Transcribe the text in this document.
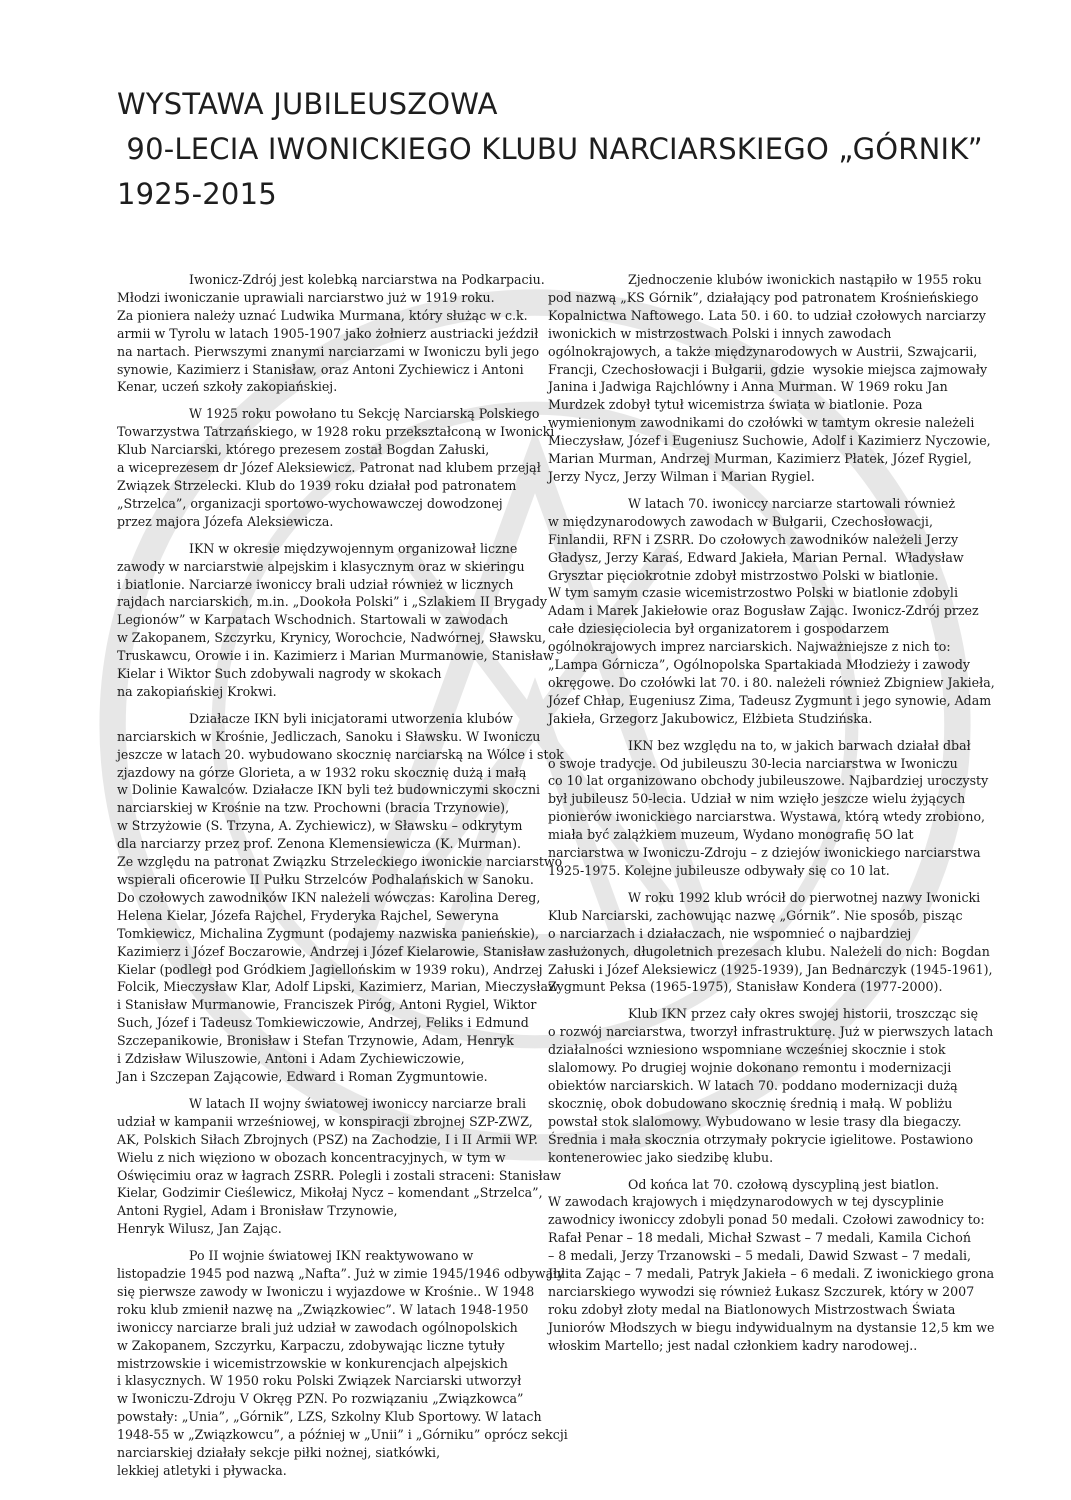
WYSTAWA JUBILEUSZOWA
90-LECIA IWONICKIEGO KLUBU NARCIARSKIEGO „GÓRNIK”
1925-2015
Iwonicz-Zdrój jest kolebką narciarstwa na Podkarpaciu.
Młodzi iwoniczanie uprawiali narciarstwo już w 1919 roku.
Za pioniera należy uznać Ludwika Murmana, który służąc w c.k.
armii w Tyrolu w latach 1905-1907 jako żołnierz austriacki jeździł
na nartach. Pierwszymi znanymi narciarzami w Iwoniczu byli jego
synowie, Kazimierz i Stanisław, oraz Antoni Zychiewicz i Antoni
Kenar, uczeń szkoły zakopiańskiej.
W 1925 roku powołano tu Sekcję Narciarską Polskiego
Towarzystwa Tatrzańskiego, w 1928 roku przekształconą w Iwonicki
Klub Narciarski, którego prezesem został Bogdan Załuski,
a wiceprezesem dr Józef Aleksiewicz. Patronat nad klubem przejął
Związek Strzelecki. Klub do 1939 roku działał pod patronatem
„Strzelca”, organizacji sportowo-wychowawczej dowodzonej
przez majora Józefa Aleksiewicza.
IKN w okresie międzywojennym organizował liczne
zawody w narciarstwie alpejskim i klasycznym oraz w skieringu
i biatlonie. Narciarze iwoniccy brali udział również w licznych
rajdach narciarskich, m.in. „Dookoła Polski” i „Szlakiem II Brygady
Legionów” w Karpatach Wschodnich. Startowali w zawodach
w Zakopanem, Szczyrku, Krynicy, Worochcie, Nadwórnej, Sławsku,
Truskawcu, Orowie i in. Kazimierz i Marian Murmanowie, Stanisław
Kielar i Wiktor Such zdobywali nagrody w skokach
na zakopiańskiej Krokwi.
Działacze IKN byli inicjatorami utworzenia klubów
narciarskich w Krośnie, Jedliczach, Sanoku i Sławsku. W Iwoniczu
jeszcze w latach 20. wybudowano skocznię narciarską na Wólce i stok
zjazdowy na górze Glorieta, a w 1932 roku skocznię dużą i małą
w Dolinie Kawalców. Działacze IKN byli też budowniczymi skoczni
narciarskiej w Krośnie na tzw. Prochowni (bracia Trzynowie),
w Strzyżowie (S. Trzyna, A. Zychiewicz), w Sławsku – odkrytym
dla narciarzy przez prof. Zenona Klemensiewicza (K. Murman).
Ze względu na patronat Związku Strzeleckiego iwonickie narciarstwo
wspierali oficerowie II Pułku Strzelców Podhalańskich w Sanoku.
Do czołowych zawodników IKN należeli wówczas: Karolina Dereg,
Helena Kielar, Józefa Rajchel, Fryderyka Rajchel, Seweryna
Tomkiewicz, Michalina Zygmunt (podajemy nazwiska panieńskie),
Kazimierz i Józef Boczarowie, Andrzej i Józef Kielarowie, Stanisław
Kielar (podległ pod Gródkiem Jagiellońskim w 1939 roku), Andrzej
Folcik, Mieczysław Klar, Adolf Lipski, Kazimierz, Marian, Mieczysław
i Stanisław Murmanowie, Franciszek Piróg, Antoni Rygiel, Wiktor
Such, Józef i Tadeusz Tomkiewiczowie, Andrzej, Feliks i Edmund
Szczepanikowie, Bronisław i Stefan Trzynowie, Adam, Henryk
i Zdzisław Wiluszowie, Antoni i Adam Zychiewiczowie,
Jan i Szczepan Zającowie, Edward i Roman Zygmuntowie.
W latach II wojny światowej iwoniccy narciarze brali
udział w kampanii wrześniowej, w konspiracji zbrojnej SZP-ZWZ,
AK, Polskich Siłach Zbrojnych (PSZ) na Zachodzie, I i II Armii WP.
Wielu z nich więziono w obozach koncentracyjnych, w tym w
Oświęcimiu oraz w łagrach ZSRR. Polegli i zostali straceni: Stanisław
Kielar, Godzimir Cieślewicz, Mikołaj Nycz – komendant „Strzelca”,
Antoni Rygiel, Adam i Bronisław Trzynowie,
Henryk Wilusz, Jan Zając.
Po II wojnie światowej IKN reaktywowano w
listopadzie 1945 pod nazwą „Nafta”. Już w zimie 1945/1946 odbywały
się pierwsze zawody w Iwoniczu i wyjazdowe w Krośnie.. W 1948
roku klub zmienił nazwę na „Związkowiec”. W latach 1948-1950
iwoniccy narciarze brali już udział w zawodach ogólnopolskich
w Zakopanem, Szczyrku, Karpaczu, zdobywając liczne tytuły
mistrzowskie i wicemistrzowskie w konkurencjach alpejskich
i klasycznych. W 1950 roku Polski Związek Narciarski utworzył
w Iwoniczu-Zdroju V Okręg PZN. Po rozwiązaniu „Związkowca”
powstały: „Unia”, „Górnik”, LZS, Szkolny Klub Sportowy. W latach
1948-55 w „Związkowcu”, a później w „Unii” i „Górniku” oprócz sekcji
narciarskiej działały sekcje piłki nożnej, siatkówki,
lekkiej atletyki i pływacka.
Zjednoczenie klubów iwonickich nastąpiło w 1955 roku
pod nazwą „KS Górnik”, działający pod patronatem Krośnieńskiego
Kopalnictwa Naftowego. Lata 50. i 60. to udział czołowych narciarzy
iwonickich w mistrzostwach Polski i innych zawodach
ogólnokrajowych, a także międzynarodowych w Austrii, Szwajcarii,
Francji, Czechosłowacji i Bułgarii, gdzie  wysokie miejsca zajmowały
Janina i Jadwiga Rajchlówny i Anna Murman. W 1969 roku Jan
Murdzek zdobył tytuł wicemistrza świata w biatlonie. Poza
wymienionym zawodnikami do czołówki w tamtym okresie należeli
Mieczysław, Józef i Eugeniusz Suchowie, Adolf i Kazimierz Nyczowie,
Marian Murman, Andrzej Murman, Kazimierz Płatek, Józef Rygiel,
Jerzy Nycz, Jerzy Wilman i Marian Rygiel.
W latach 70. iwoniccy narciarze startowali również
w międzynarodowych zawodach w Bułgarii, Czechosłowacji,
Finlandii, RFN i ZSRR. Do czołowych zawodników należeli Jerzy
Gładysz, Jerzy Karaś, Edward Jakieła, Marian Pernal.  Władysław
Grysztar pięciokrotnie zdobył mistrzostwo Polski w biatlonie.
W tym samym czasie wicemistrzostwo Polski w biatlonie zdobyli
Adam i Marek Jakiełowie oraz Bogusław Zając. Iwonicz-Zdrój przez
całe dziesięciolecia był organizatorem i gospodarzem
ogólnokrajowych imprez narciarskich. Najważniejsze z nich to:
„Lampa Górnicza”, Ogólnopolska Spartakiada Młodzieży i zawody
okręgowe. Do czołówki lat 70. i 80. należeli również Zbigniew Jakieła,
Józef Chłap, Eugeniusz Zima, Tadeusz Zygmunt i jego synowie, Adam
Jakieła, Grzegorz Jakubowicz, Elżbieta Studzińska.
IKN bez względu na to, w jakich barwach działał dbał
o swoje tradycje. Od jubileuszu 30-lecia narciarstwa w Iwoniczu
co 10 lat organizowano obchody jubileuszowe. Najbardziej uroczysty
był jubileusz 50-lecia. Udział w nim wzięło jeszcze wielu żyjących
pionierów iwonickiego narciarstwa. Wystawa, którą wtedy zrobiono,
miała być zalążkiem muzeum, Wydano monografię 5O lat
narciarstwa w Iwoniczu-Zdroju – z dziejów iwonickiego narciarstwa
1925-1975. Kolejne jubileusze odbywały się co 10 lat.
W roku 1992 klub wrócił do pierwotnej nazwy Iwonicki
Klub Narciarski, zachowując nazwę „Górnik”. Nie sposób, pisząc
o narciarzach i działaczach, nie wspomnieć o najbardziej
zasłużonych, długoletnich prezesach klubu. Należeli do nich: Bogdan
Załuski i Józef Aleksiewicz (1925-1939), Jan Bednarczyk (1945-1961),
Zygmunt Peksa (1965-1975), Stanisław Kondera (1977-2000).
Klub IKN przez cały okres swojej historii, troszcząc się
o rozwój narciarstwa, tworzył infrastrukturę. Już w pierwszych latach
działalności wzniesiono wspomniane wcześniej skocznie i stok
slalomowy. Po drugiej wojnie dokonano remontu i modernizacji
obiektów narciarskich. W latach 70. poddano modernizacji dużą
skocznię, obok dobudowano skocznię średnią i małą. W pobliżu
powstał stok slalomowy. Wybudowano w lesie trasy dla biegaczy.
Średnia i mała skocznia otrzymały pokrycie igielitowe. Postawiono
kontenerowiec jako siedzibę klubu.
Od końca lat 70. czołową dyscypliną jest biatlon.
W zawodach krajowych i międzynarodowych w tej dyscyplinie
zawodnicy iwoniccy zdobyli ponad 50 medali. Czołowi zawodnicy to:
Rafał Penar – 18 medali, Michał Szwast – 7 medali, Kamila Cichoń
– 8 medali, Jerzy Trzanowski – 5 medali, Dawid Szwast – 7 medali,
Julita Zając – 7 medali, Patryk Jakieła – 6 medali. Z iwonickiego grona
narciarskiego wywodzi się również Łukasz Szczurek, który w 2007
roku zdobył złoty medal na Biatlonowych Mistrzostwach Świata
Juniorów Młodszych w biegu indywidualnym na dystansie 12,5 km we
włoskim Martello; jest nadal członkiem kadry narodowej..
